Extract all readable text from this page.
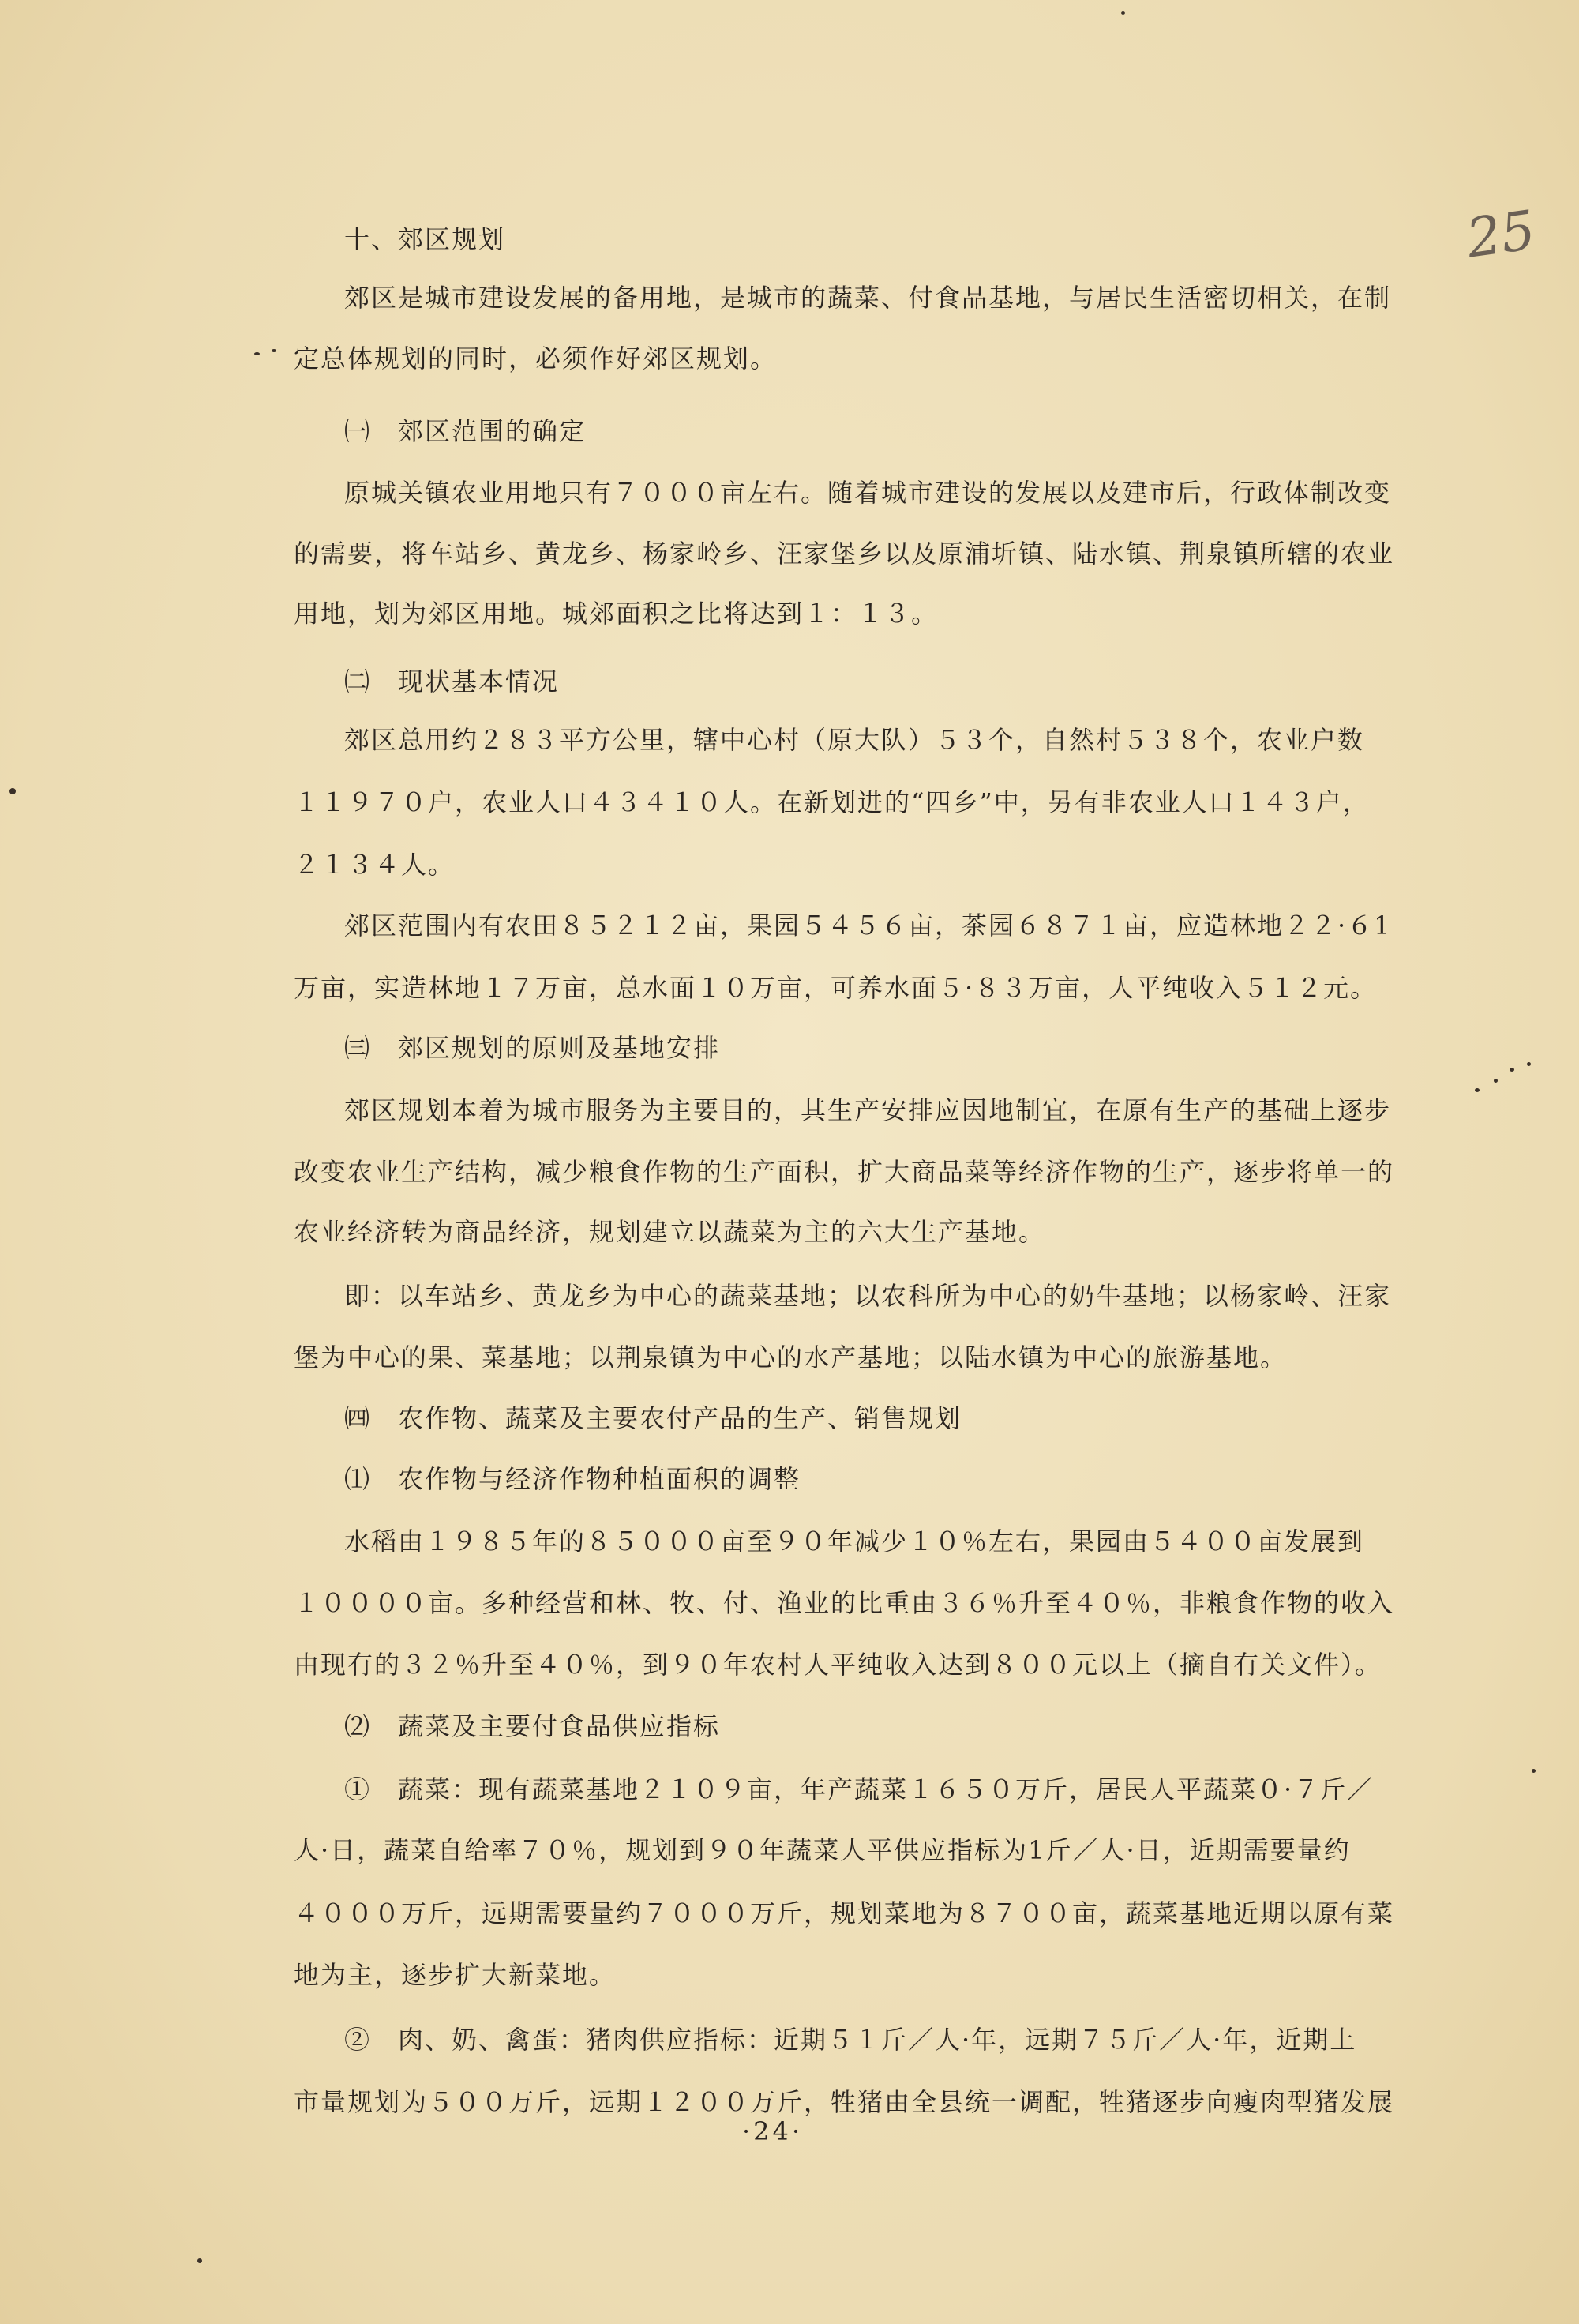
25
十、郊区规划
郊区是城市建设发展的备用地，是城市的蔬菜、付食品基地，与居民生活密切相关，在制
定总体规划的同时，必须作好郊区规划。
㈠　郊区范围的确定
原城关镇农业用地只有７０００亩左右。随着城市建设的发展以及建市后，行政体制改变
的需要，将车站乡、黄龙乡、杨家岭乡、汪家堡乡以及原浦圻镇、陆水镇、荆泉镇所辖的农业
用地，划为郊区用地。城郊面积之比将达到１：１３。
㈡　现状基本情况
郊区总用约２８３平方公里，辖中心村（原大队）５３个，自然村５３８个，农业户数
１１９７０户，农业人口４３４１０人。在新划进的“四乡”中，另有非农业人口１４３户，
２１３４人。
郊区范围内有农田８５２１２亩，果园５４５６亩，茶园６８７１亩，应造林地２２·６1
万亩，实造林地１７万亩，总水面１０万亩，可养水面５·８３万亩，人平纯收入５１２元。
㈢　郊区规划的原则及基地安排
郊区规划本着为城市服务为主要目的，其生产安排应因地制宜，在原有生产的基础上逐步
改变农业生产结构，减少粮食作物的生产面积，扩大商品菜等经济作物的生产，逐步将单一的
农业经济转为商品经济，规划建立以蔬菜为主的六大生产基地。
即：以车站乡、黄龙乡为中心的蔬菜基地；以农科所为中心的奶牛基地；以杨家岭、汪家
堡为中心的果、菜基地；以荆泉镇为中心的水产基地；以陆水镇为中心的旅游基地。
㈣　农作物、蔬菜及主要农付产品的生产、销售规划
⑴　农作物与经济作物种植面积的调整
水稻由１９８５年的８５０００亩至９０年减少１０％左右，果园由５４００亩发展到
１００００亩。多种经营和林、牧、付、渔业的比重由３６％升至４０％，非粮食作物的收入
由现有的３２％升至４０％，到９０年农村人平纯收入达到８００元以上（摘自有关文件）。
⑵　蔬菜及主要付食品供应指标
①　蔬菜：现有蔬菜基地２１０９亩，年产蔬菜１６５０万斤，居民人平蔬菜０·７斤／
人·日，蔬菜自给率７０％，规划到９０年蔬菜人平供应指标为1斤／人·日，近期需要量约
４０００万斤，远期需要量约７０００万斤，规划菜地为８７００亩，蔬菜基地近期以原有菜
地为主，逐步扩大新菜地。
②　肉、奶、禽蛋：猪肉供应指标：近期５１斤／人·年，远期７５斤／人·年，近期上
市量规划为５００万斤，远期１２００万斤，牲猪由全县统一调配，牲猪逐步向瘦肉型猪发展
·24·
